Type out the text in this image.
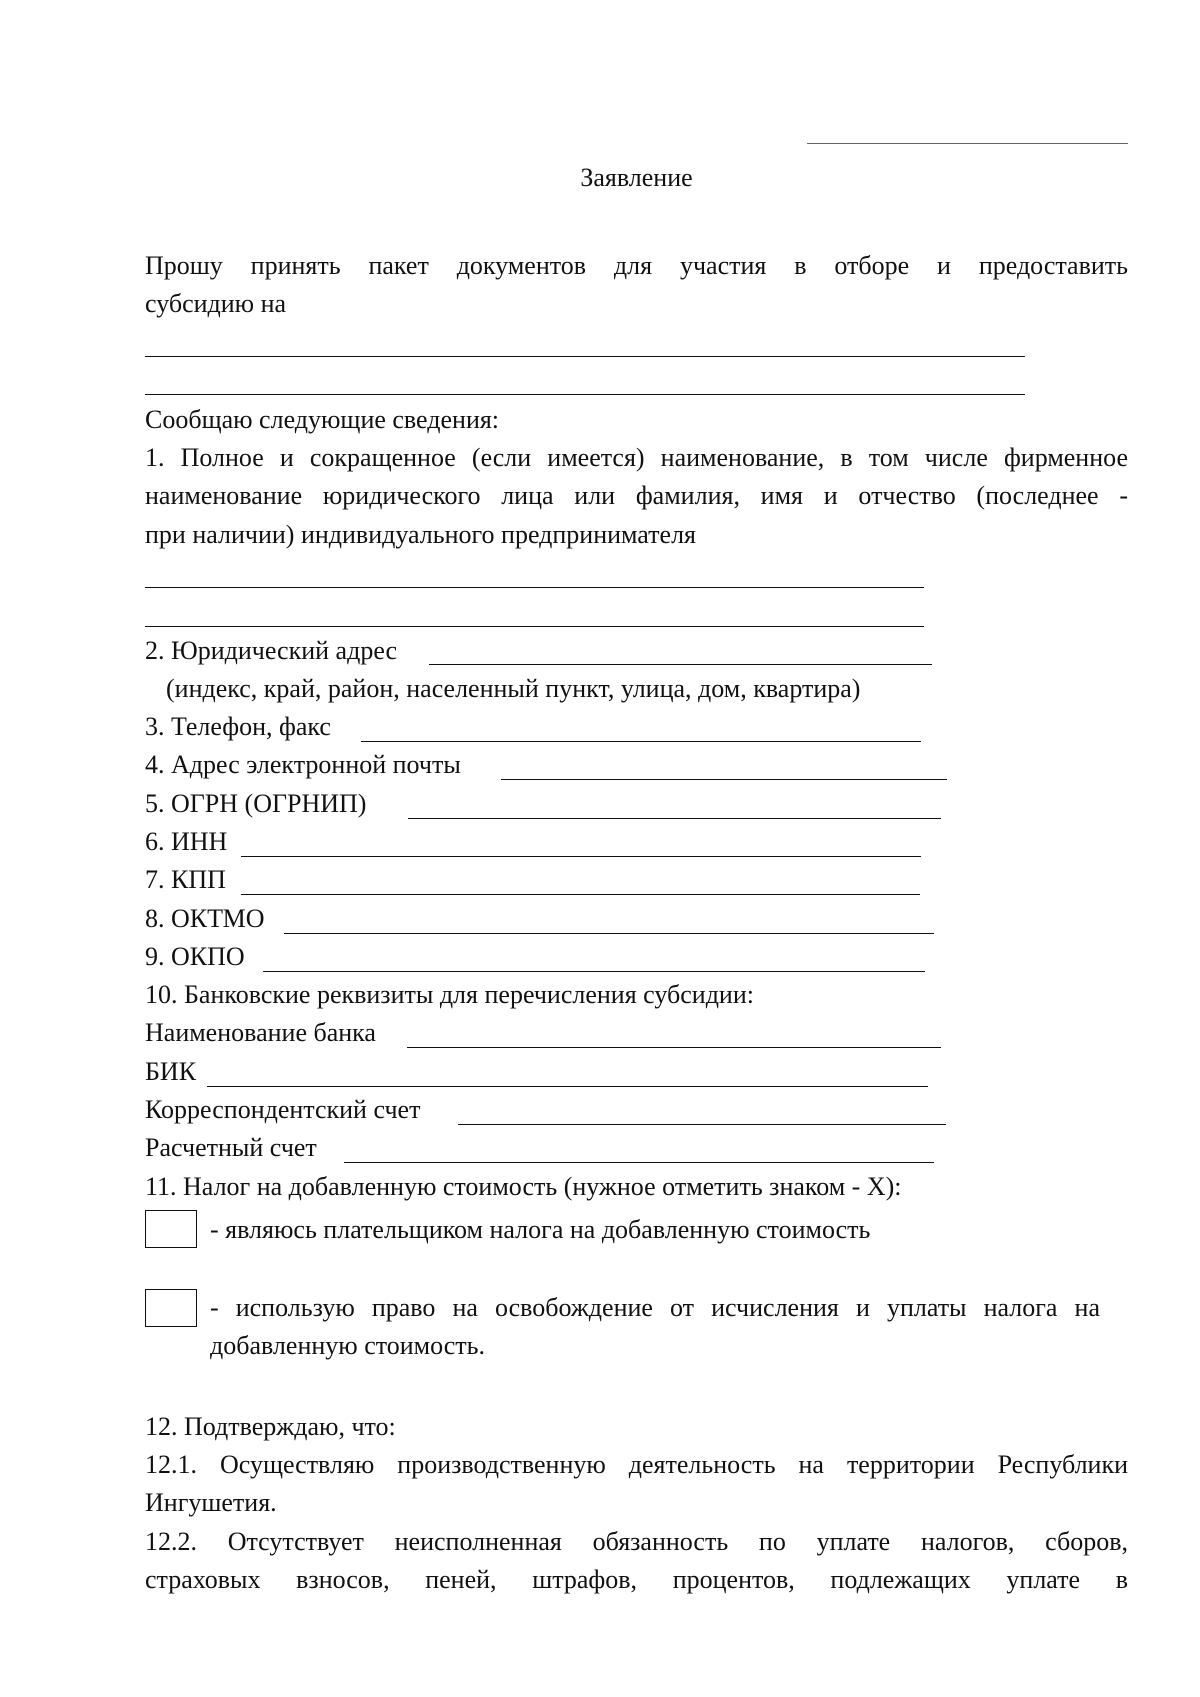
Заявление
Прошу принять пакет документов для участия в отборе и предоставить
субсидию на
Сообщаю следующие сведения:
1. Полное и сокращенное (если имеется) наименование, в том числе фирменное
наименование юридического лица или фамилия, имя и отчество (последнее -
при наличии) индивидуального предпринимателя
2. Юридический адрес
(индекс, край, район, населенный пункт, улица, дом, квартира)
3. Телефон, факс
4. Адрес электронной почты
5. ОГРН (ОГРНИП)
6. ИНН
7. КПП
8. ОКТМО
9. ОКПО
10. Банковские реквизиты для перечисления субсидии:
Наименование банка
БИК
Корреспондентский счет
Расчетный счет
11. Налог на добавленную стоимость (нужное отметить знаком - Х):
- являюсь плательщиком налога на добавленную стоимость
- использую право на освобождение от исчисления и уплаты налога на
добавленную стоимость.
12. Подтверждаю, что:
12.1. Осуществляю производственную деятельность на территории Республики
Ингушетия.
12.2. Отсутствует неисполненная обязанность по уплате налогов, сборов,
страховых взносов, пеней, штрафов, процентов, подлежащих уплате в
